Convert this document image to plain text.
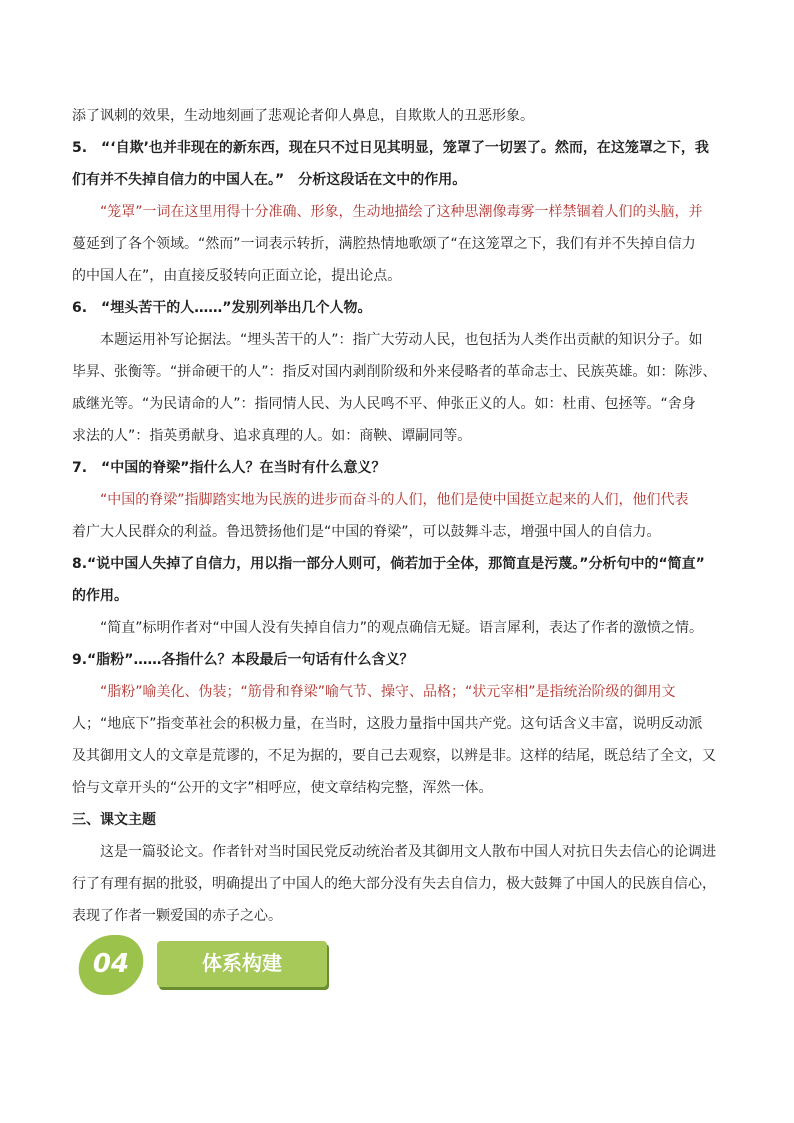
添了讽刺的效果，生动地刻画了悲观论者仰人鼻息，自欺欺人的丑恶形象。
5.　“‘自欺’也并非现在的新东西，现在只不过日见其明显，笼罩了一切罢了。然而，在这笼罩之下，我
们有并不失掉自信力的中国人在。”　分析这段话在文中的作用。
“笼罩”一词在这里用得十分准确、形象，生动地描绘了这种思潮像毒雾一样禁锢着人们的头脑，并
蔓延到了各个领域。“然而”一词表示转折，满腔热情地歌颂了“在这笼罩之下，我们有并不失掉自信力
的中国人在”，由直接反驳转向正面立论，提出论点。
6.　“埋头苦干的人……”发别列举出几个人物。
本题运用补写论据法。“埋头苦干的人”：指广大劳动人民，也包括为人类作出贡献的知识分子。如
毕昇、张衡等。“拼命硬干的人”：指反对国内剥削阶级和外来侵略者的革命志士、民族英雄。如：陈涉、
戚继光等。“为民请命的人”：指同情人民、为人民鸣不平、伸张正义的人。如：杜甫、包拯等。“舍身
求法的人”：指英勇献身、追求真理的人。如：商鞅、谭嗣同等。
7.　“中国的脊梁”指什么人？在当时有什么意义？
“中国的脊梁”指脚踏实地为民族的进步而奋斗的人们，他们是使中国挺立起来的人们，他们代表
着广大人民群众的利益。鲁迅赞扬他们是“中国的脊梁”，可以鼓舞斗志，增强中国人的自信力。
8.“说中国人失掉了自信力，用以指一部分人则可，倘若加于全体，那简直是污蔑。”分析句中的“简直”
的作用。
“简直”标明作者对“中国人没有失掉自信力”的观点确信无疑。语言犀利，表达了作者的激愤之情。
9.“脂粉”……各指什么？本段最后一句话有什么含义？
“脂粉”喻美化、伪装；“筋骨和脊梁”喻气节、操守、品格；“状元宰相”是指统治阶级的御用文
人；“地底下”指变革社会的积极力量，在当时，这股力量指中国共产党。这句话含义丰富，说明反动派
及其御用文人的文章是荒谬的，不足为据的，要自己去观察，以辨是非。这样的结尾，既总结了全文，又
恰与文章开头的“公开的文字”相呼应，使文章结构完整，浑然一体。
三、课文主题
这是一篇驳论文。作者针对当时国民党反动统治者及其御用文人散布中国人对抗日失去信心的论调进
行了有理有据的批驳，明确提出了中国人的绝大部分没有失去自信力，极大鼓舞了中国人的民族自信心，
表现了作者一颗爱国的赤子之心。
04	体系构建
